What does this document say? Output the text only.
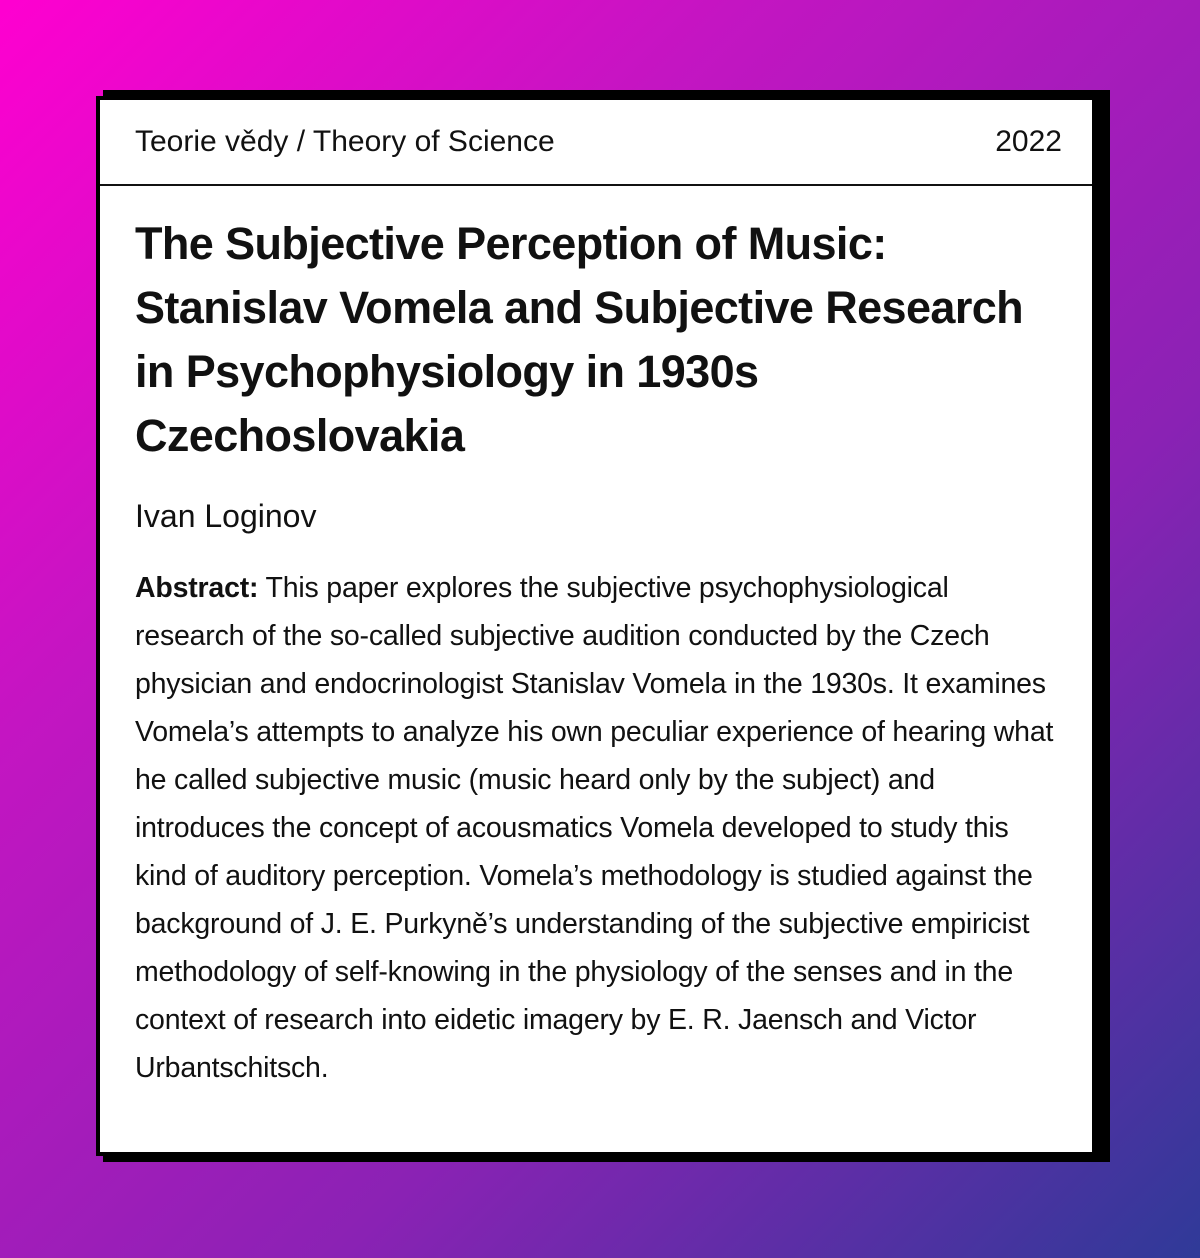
Teorie vědy / Theory of Science	2022
The Subjective Perception of Music: Stanislav Vomela and Subjective Research in Psychophysiology in 1930s Czechoslovakia

Ivan Loginov

Abstract: This paper explores the subjective psychophysiological research of the so-called subjective audition conducted by the Czech physician and endocrinologist Stanislav Vomela in the 1930s. It examines Vomela’s attempts to analyze his own peculiar experience of hearing what he called subjective music (music heard only by the subject) and introduces the concept of acousmatics Vomela developed to study this kind of auditory perception. Vomela’s methodology is studied against the background of J. E. Purkyně’s understanding of the subjective empiricist methodology of self-knowing in the physiology of the senses and in the context of research into eidetic imagery by E. R. Jaensch and Victor Urbantschitsch.
